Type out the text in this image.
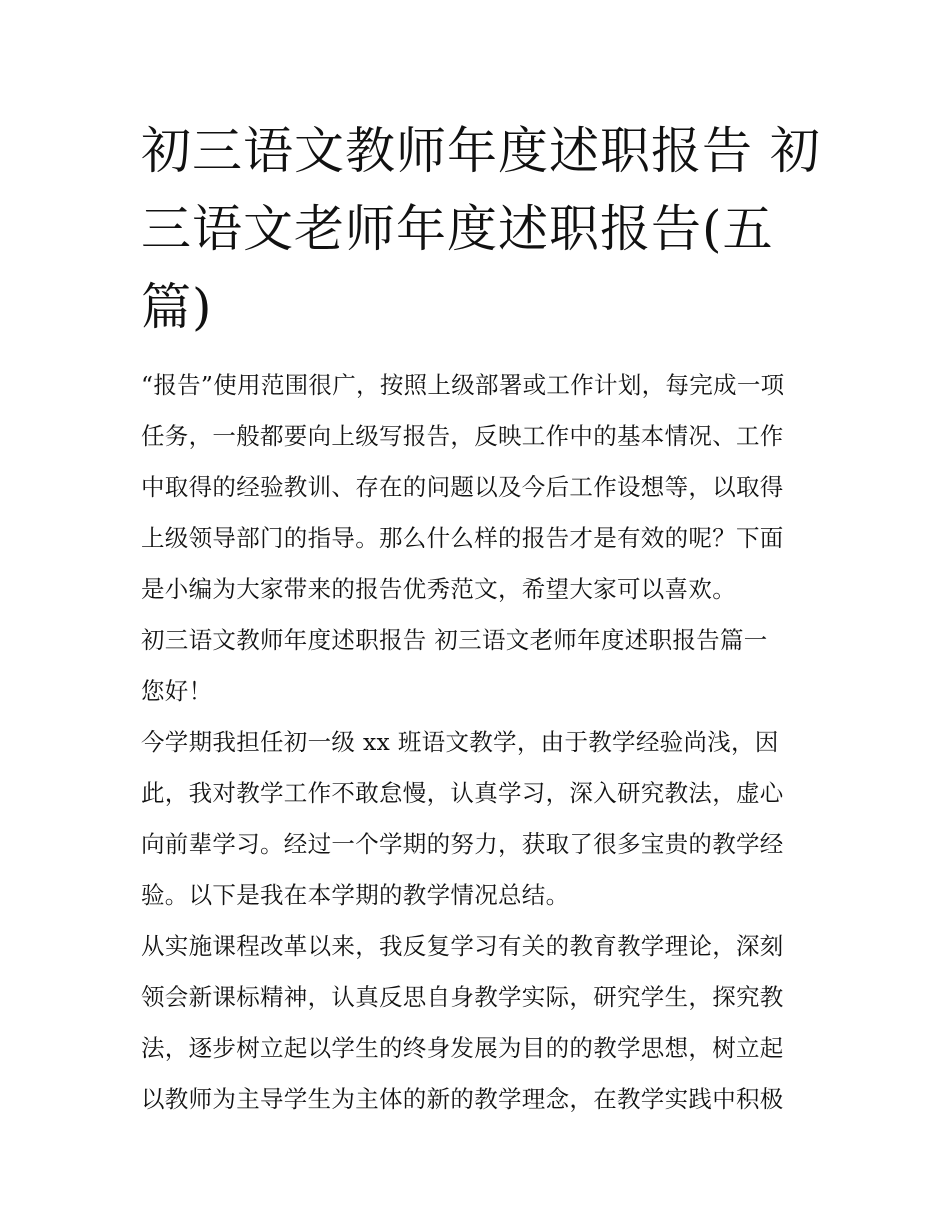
初三语文教师年度述职报告 初
三语文老师年度述职报告(五
篇)
“报告”使用范围很广，按照上级部署或工作计划，每完成一项
任务，一般都要向上级写报告，反映工作中的基本情况、工作
中取得的经验教训、存在的问题以及今后工作设想等，以取得
上级领导部门的指导。那么什么样的报告才是有效的呢？下面
是小编为大家带来的报告优秀范文，希望大家可以喜欢。
初三语文教师年度述职报告 初三语文老师年度述职报告篇一
您好！
今学期我担任初一级 xx 班语文教学，由于教学经验尚浅，因
此，我对教学工作不敢怠慢，认真学习，深入研究教法，虚心
向前辈学习。经过一个学期的努力，获取了很多宝贵的教学经
验。以下是我在本学期的教学情况总结。
从实施课程改革以来，我反复学习有关的教育教学理论，深刻
领会新课标精神，认真反思自身教学实际，研究学生，探究教
法，逐步树立起以学生的终身发展为目的的教学思想，树立起
以教师为主导学生为主体的新的教学理念，在教学实践中积极
